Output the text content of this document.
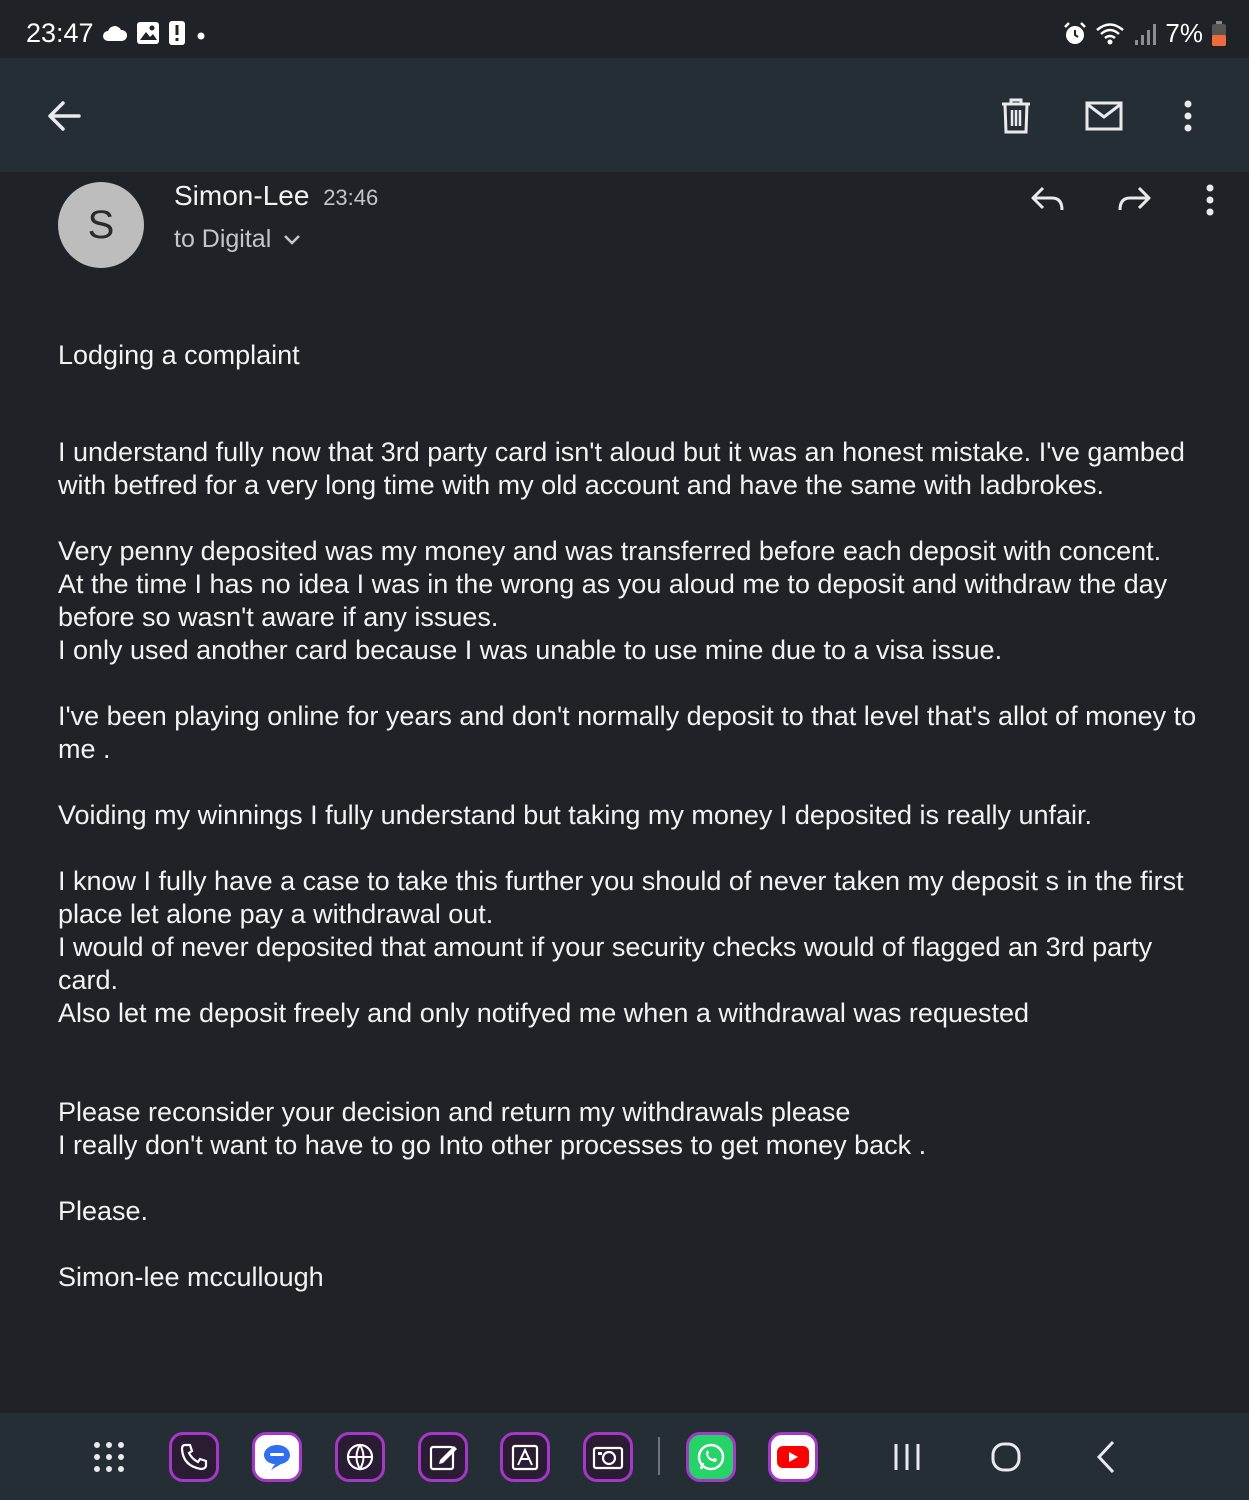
23:47	7%
S
Simon-Lee 23:46
to Digital
Lodging a complaint

I understand fully now that 3rd party card isn't aloud but it was an honest mistake. I've gambed with betfred for a very long time with my old account and have the same with ladbrokes.

Very penny deposited was my money and was transferred before each deposit with concent.

At the time I has no idea I was in the wrong as you aloud me to deposit and withdraw the day before so wasn't aware if any issues.

I only used another card because I was unable to use mine due to a visa issue.

I've been playing online for years and don't normally deposit to that level that's allot of money to me .

Voiding my winnings I fully understand but taking my money I deposited is really unfair.

I know I fully have a case to take this further you should of never taken my deposit s in the first place let alone pay a withdrawal out.

I would of never deposited that amount if your security checks would of flagged an 3rd party card.

Also let me deposit freely and only notifyed me when a withdrawal was requested

Please reconsider your decision and return my withdrawals please

I really don't want to have to go Into other processes to get money back .

Please.

Simon-lee mccullough
